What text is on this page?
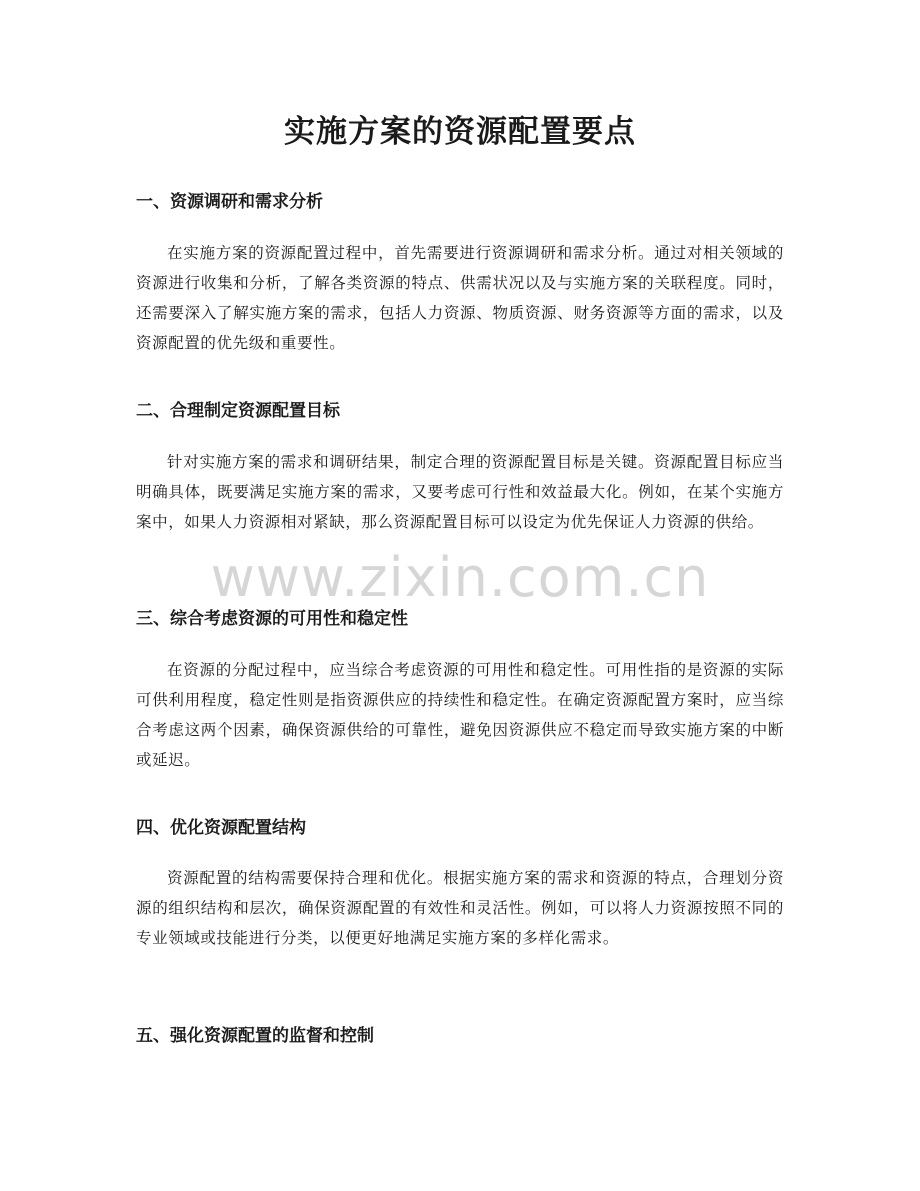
实施方案的资源配置要点
一、资源调研和需求分析

在实施方案的资源配置过程中，首先需要进行资源调研和需求分析。通过对相关领域的资源进行收集和分析，了解各类资源的特点、供需状况以及与实施方案的关联程度。同时，还需要深入了解实施方案的需求，包括人力资源、物质资源、财务资源等方面的需求，以及资源配置的优先级和重要性。

二、合理制定资源配置目标

针对实施方案的需求和调研结果，制定合理的资源配置目标是关键。资源配置目标应当明确具体，既要满足实施方案的需求，又要考虑可行性和效益最大化。例如，在某个实施方案中，如果人力资源相对紧缺，那么资源配置目标可以设定为优先保证人力资源的供给。

三、综合考虑资源的可用性和稳定性

在资源的分配过程中，应当综合考虑资源的可用性和稳定性。可用性指的是资源的实际可供利用程度，稳定性则是指资源供应的持续性和稳定性。在确定资源配置方案时，应当综合考虑这两个因素，确保资源供给的可靠性，避免因资源供应不稳定而导致实施方案的中断或延迟。

四、优化资源配置结构

资源配置的结构需要保持合理和优化。根据实施方案的需求和资源的特点，合理划分资源的组织结构和层次，确保资源配置的有效性和灵活性。例如，可以将人力资源按照不同的专业领域或技能进行分类，以便更好地满足实施方案的多样化需求。

五、强化资源配置的监督和控制
www.zixin.com.cn
